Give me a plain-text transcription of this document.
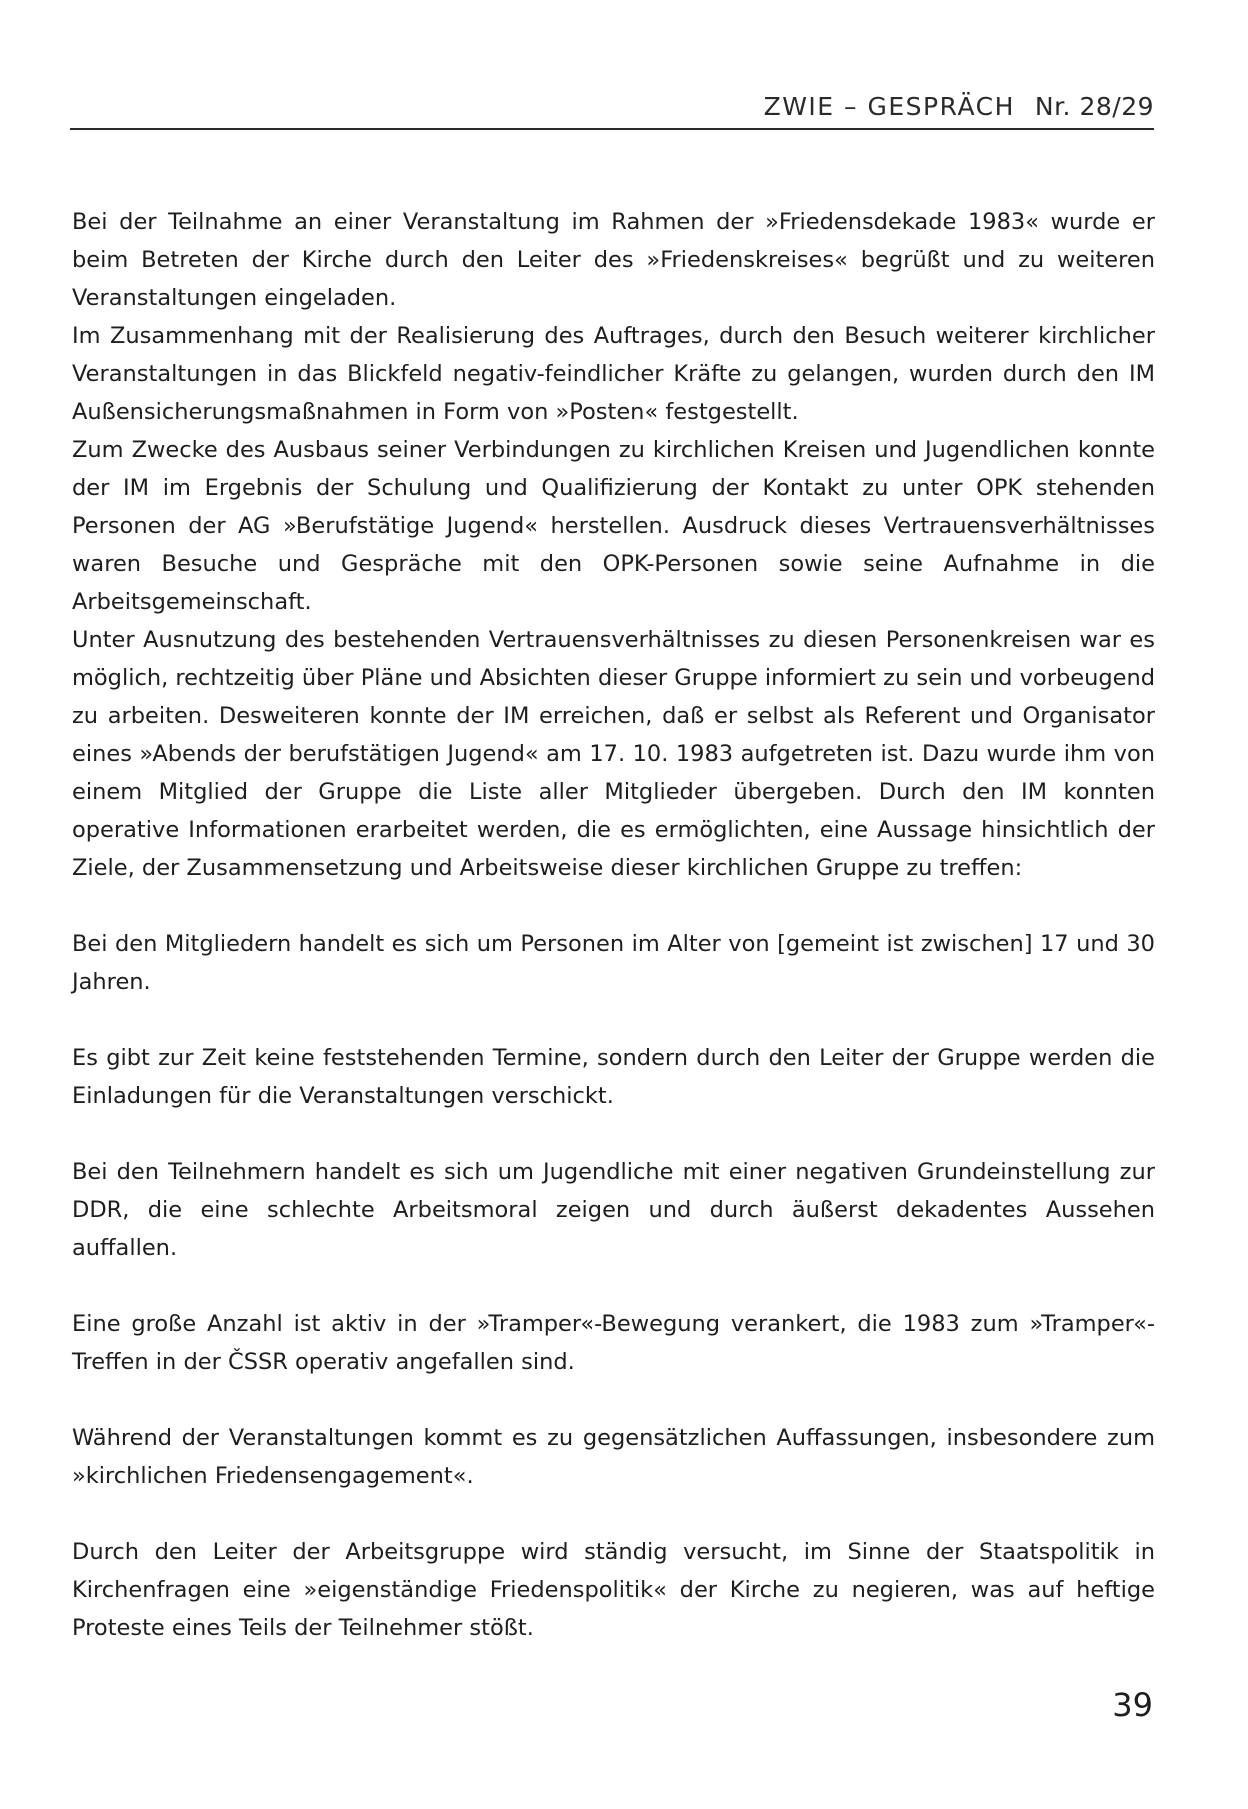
ZWIE – GESPRÄCH Nr. 28/29

Bei der Teilnahme an einer Veranstaltung im Rahmen der »Friedensdekade 1983« wurde er beim Betreten der Kirche durch den Leiter des »Friedenskreises« begrüßt und zu weiteren Veranstaltungen eingeladen.

Im Zusammenhang mit der Realisierung des Auftrages, durch den Besuch weiterer kirchlicher Veranstaltungen in das Blickfeld negativ-feindlicher Kräfte zu gelangen, wurden durch den IM Außensicherungsmaßnahmen in Form von »Posten« festgestellt.

Zum Zwecke des Ausbaus seiner Verbindungen zu kirchlichen Kreisen und Jugendlichen konnte der IM im Ergebnis der Schulung und Qualifizierung der Kontakt zu unter OPK stehenden Personen der AG »Berufstätige Jugend« herstellen. Ausdruck dieses Vertrauensverhältnisses waren Besuche und Gespräche mit den OPK-Personen sowie seine Aufnahme in die Arbeitsgemeinschaft.

Unter Ausnutzung des bestehenden Vertrauensverhältnisses zu diesen Personenkreisen war es möglich, rechtzeitig über Pläne und Absichten dieser Gruppe informiert zu sein und vorbeugend zu arbeiten. Desweiteren konnte der IM erreichen, daß er selbst als Referent und Organisator eines »Abends der berufstätigen Jugend« am 17. 10. 1983 aufgetreten ist. Dazu wurde ihm von einem Mitglied der Gruppe die Liste aller Mitglieder übergeben. Durch den IM konnten operative Informationen erarbeitet werden, die es ermöglichten, eine Aussage hinsichtlich der Ziele, der Zusammensetzung und Arbeitsweise dieser kirchlichen Gruppe zu treffen:

Bei den Mitgliedern handelt es sich um Personen im Alter von [gemeint ist zwischen] 17 und 30 Jahren.

Es gibt zur Zeit keine feststehenden Termine, sondern durch den Leiter der Gruppe werden die Einladungen für die Veranstaltungen verschickt.

Bei den Teilnehmern handelt es sich um Jugendliche mit einer negativen Grundeinstellung zur DDR, die eine schlechte Arbeitsmoral zeigen und durch äußerst dekadentes Aussehen auffallen.

Eine große Anzahl ist aktiv in der »Tramper«-Bewegung verankert, die 1983 zum »Tramper«-Treffen in der ČSSR operativ angefallen sind.

Während der Veranstaltungen kommt es zu gegensätzlichen Auffassungen, insbesondere zum »kirchlichen Friedensengagement«.

Durch den Leiter der Arbeitsgruppe wird ständig versucht, im Sinne der Staatspolitik in Kirchenfragen eine »eigenständige Friedenspolitik« der Kirche zu negieren, was auf heftige Proteste eines Teils der Teilnehmer stößt.

39
